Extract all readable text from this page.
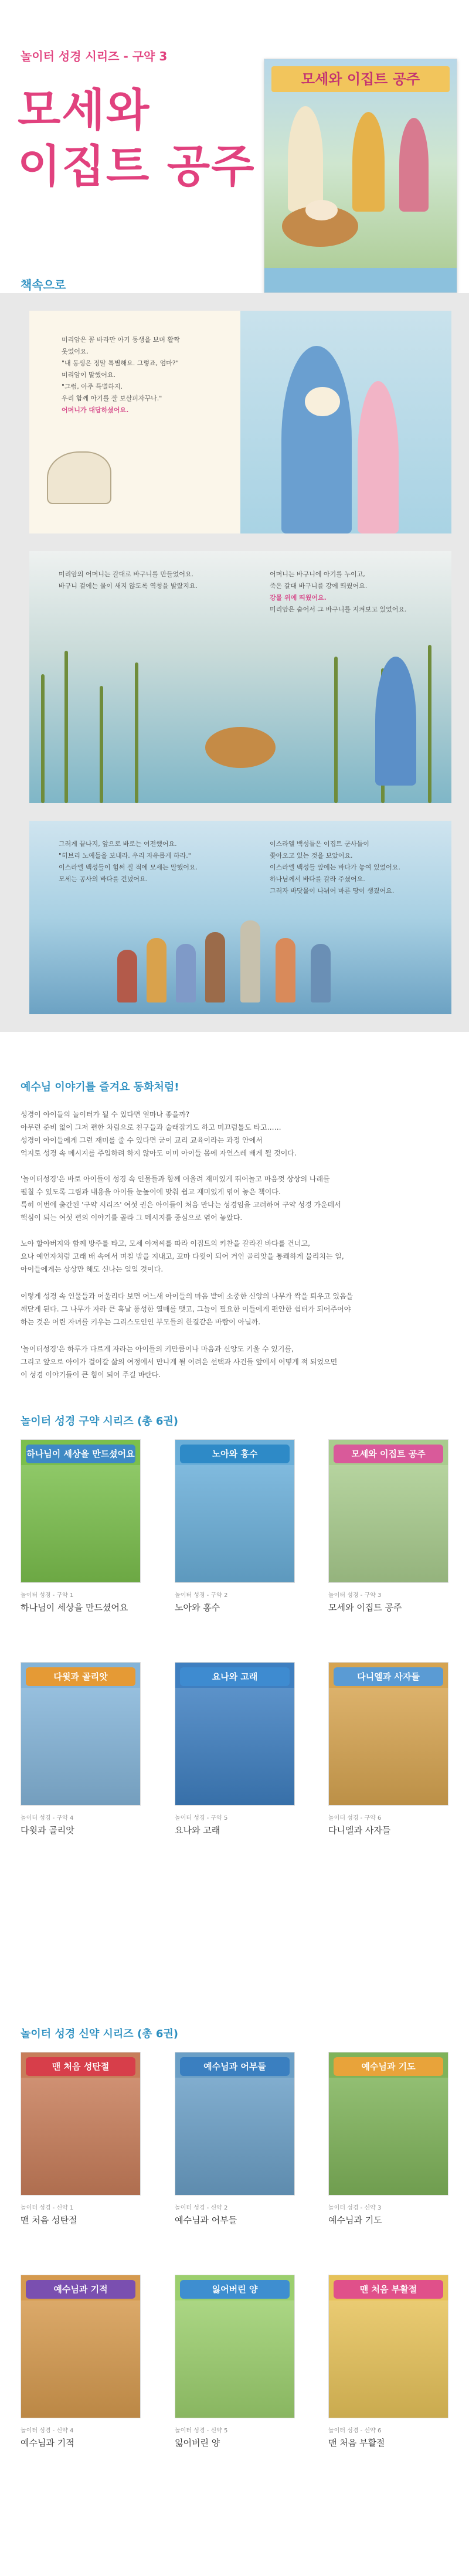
놀이터 성경 시리즈 - 구약 3
모세와
이집트 공주
모세와 이집트 공주
책속으로
미리암은 꼼 바라만 아기 동생을 보며 활짝
웃었어요.
"내 동생은 정말 특별해요. 그렇죠, 엄마?"
미리암이 말했어요.
"그럼, 아주 특별하지.
우리 함께 아기를 잘 보살피자꾸나."
어머니가 대답하셨어요.
미리암의 어머니는 갈대로 바구니를 만들었어요.
바구니 겉에는 물이 새지 않도록 역청을 발랐지요.
어머니는 바구니에 아기를 누이고,
죽은 갈대 바구니를 강에 띄웠어요.
강물 위에 띄웠어요.
미리암은 숨어서 그 바구니를 지켜보고 있었어요.
그러게 끝나지, 앞으로 바로는 여전했어요.
"히브리 노예들을 보내라. 우리 자유롭게 하라."
이스라엘 백성들이 힘써 질 적에 모세는 말했어요.
모세는 공사의 바다를 건넜어요.
이스라엘 백성들은 이집트 군사들이
쫓아오고 있는 것을 보았어요.
이스라엘 백성들 앞에는 바다가 놓여 있었어요.
하나님께서 바다를 갈라 주셨어요.
그러자 바닷물이 나뉘어 마른 땅이 생겼어요.
예수님 이야기를 즐겨요 동화처럼!
성경이 아이들의 놀이터가 될 수 있다면 얼마나 좋을까?
아무런 준비 없이 그저 편한 차림으로 친구들과 술래잡기도 하고 미끄럼틀도 타고……
성경이 아이들에게 그런 재미를 줄 수 있다면 굳이 교리 교육이라는 과정 안에서
억지로 성경 속 메시지를 주입하려 하지 않아도 이미 아이들 몸에 자연스레 배게 될 것이다.
'놀이터성경'은 바로 아이들이 성경 속 인물들과 함께 어울려 재미있게 뛰어놀고 마음껏 상상의 나래를
펼칠 수 있도록 그림과 내용을 아이들 눈높이에 맞춰 쉽고 재미있게 엮어 놓은 책이다.
특히 이번에 출간된 '구약 시리즈' 여섯 권은 아이들이 처음 만나는 성경임을 고려하여 구약 성경 가운데서
핵심이 되는 여섯 편의 이야기를 골라 그 메시지를 중심으로 엮어 놓았다.
노아 할아버지와 함께 방주를 타고, 모세 아저씨를 따라 이집트의 키찬을 갈라진 바다를 건너고,
요나 예언자처럼 고래 배 속에서 며칠 밤을 지내고, 꼬마 다윗이 되어 거인 골리앗을 통쾌하게 물리치는 일,
아이들에게는 상상만 해도 신나는 일일 것이다.
이렇게 성경 속 인물들과 어울리다 보면 어느새 아이들의 마음 밭에 소중한 신앙의 나무가 싹을 틔우고 있음을
깨닫게 된다. 그 나무가 자라 큰 혹날 풍성한 열매를 맺고, 그늘이 필요한 이들에게 편안한 쉼터가 되어주어야
하는 것은 어린 자녀를 키우는 그리스도인인 부모들의 한결같은 바람이 아닐까.
'놀이터성경'은 하루가 다르게 자라는 아이들의 키만큼이나 마음과 신앙도 키울 수 있기를,
그리고 앞으로 아이가 걸어갈 삶의 여정에서 만나게 될 어려운 선택과 사건들 앞에서 어떻게 적 되었으면
이 성경 이야기들이 큰 힘이 되어 주길 바란다.
놀이터 성경 구약 시리즈 (총 6권)
하나님이 세상을 만드셨어요
놀이터 성경 - 구약 1
하나님이 세상을 만드셨어요
노아와 홍수
놀이터 성경 - 구약 2
노아와 홍수
모세와 이집트 공주
놀이터 성경 - 구약 3
모세와 이집트 공주
다윗과 골리앗
놀이터 성경 - 구약 4
다윗과 골리앗
요나와 고래
놀이터 성경 - 구약 5
요나와 고래
다니엘과 사자들
놀이터 성경 - 구약 6
다니엘과 사자들
놀이터 성경 신약 시리즈 (총 6권)
맨 처음 성탄절
놀이터 성경 - 신약 1
맨 처음 성탄절
예수님과 어부들
놀이터 성경 - 신약 2
예수님과 어부들
예수님과 기도
놀이터 성경 - 신약 3
예수님과 기도
예수님과 기적
놀이터 성경 - 신약 4
예수님과 기적
잃어버린 양
놀이터 성경 - 신약 5
잃어버린 양
맨 처음 부활절
놀이터 성경 - 신약 6
맨 처음 부활절
